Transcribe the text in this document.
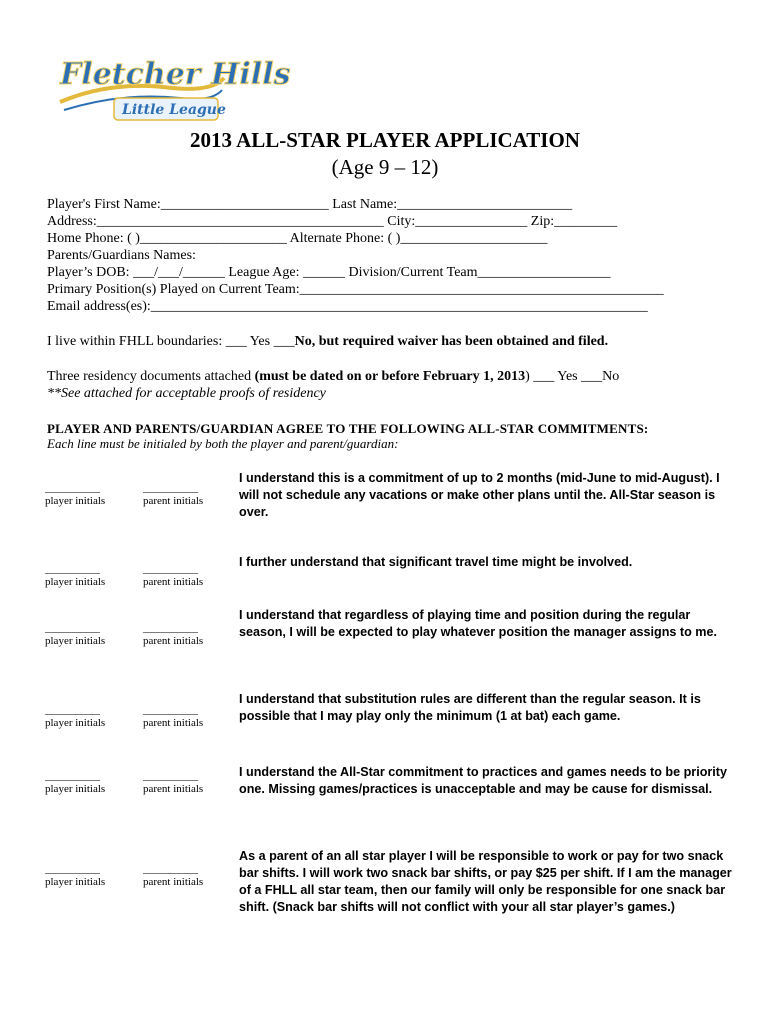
Fletcher Hills
Little League
2013 ALL-STAR PLAYER APPLICATION
(Age 9 – 12)
Player's First Name:________________________ Last Name:_________________________
Address:_________________________________________ City:________________ Zip:_________
Home Phone: ( )_____________________ Alternate Phone: ( )_____________________
Parents/Guardians Names:
Player’s DOB: ___/___/______ League Age: ______ Division/Current Team___________________
Primary Position(s) Played on Current Team:____________________________________________________
Email address(es):_______________________________________________________________________
I live within FHLL boundaries: ___ Yes ___No, but required waiver has been obtained and filed.
Three residency documents attached (must be dated on or before February 1, 2013) ___ Yes ___No
**See attached for acceptable proofs of residency
PLAYER AND PARENTS/GUARDIAN AGREE TO THE FOLLOWING ALL-STAR COMMITMENTS:
Each line must be initialed by both the player and parent/guardian:
__________
player initials
__________
parent initials
I understand this is a commitment of up to 2 months (mid-June to mid-August). I will not schedule any vacations or make other plans until the. All-Star season is over.
__________
player initials
__________
parent initials
I further understand that significant travel time might be involved.
__________
player initials
__________
parent initials
I understand that regardless of playing time and position during the regular season, I will be expected to play whatever position the manager assigns to me.
__________
player initials
__________
parent initials
I understand that substitution rules are different than the regular season. It is possible that I may play only the minimum (1 at bat) each game.
__________
player initials
__________
parent initials
I understand the All-Star commitment to practices and games needs to be priority one. Missing games/practices is unacceptable and may be cause for dismissal.
__________
player initials
__________
parent initials
As a parent of an all star player I will be responsible to work or pay for two snack bar shifts. I will work two snack bar shifts, or pay $25 per shift. If I am the manager of a FHLL all star team, then our family will only be responsible for one snack bar shift. (Snack bar shifts will not conflict with your all star player’s games.)
